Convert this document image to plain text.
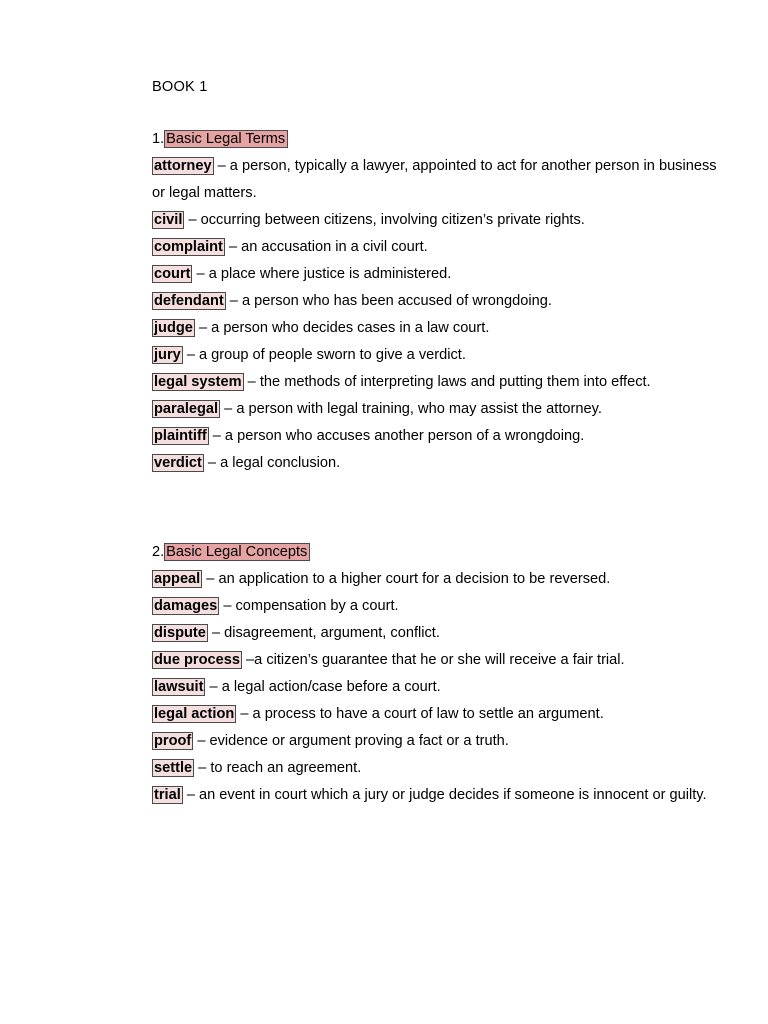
BOOK 1
1. Basic Legal Terms
attorney – a person, typically a lawyer, appointed to act for another person in business or legal matters.
civil – occurring between citizens, involving citizen’s private rights.
complaint – an accusation in a civil court.
court – a place where justice is administered.
defendant – a person who has been accused of wrongdoing.
judge – a person who decides cases in a law court.
jury – a group of people sworn to give a verdict.
legal system – the methods of interpreting laws and putting them into effect.
paralegal – a person with legal training, who may assist the attorney.
plaintiff – a person who accuses another person of a wrongdoing.
verdict – a legal conclusion.
2. Basic Legal Concepts
appeal – an application to a higher court for a decision to be reversed.
damages – compensation by a court.
dispute – disagreement, argument, conflict.
due process –a citizen’s guarantee that he or she will receive a fair trial.
lawsuit – a legal action/case before a court.
legal action – a process to have a court of law to settle an argument.
proof – evidence or argument proving a fact or a truth.
settle – to reach an agreement.
trial – an event in court which a jury or judge decides if someone is innocent or guilty.
